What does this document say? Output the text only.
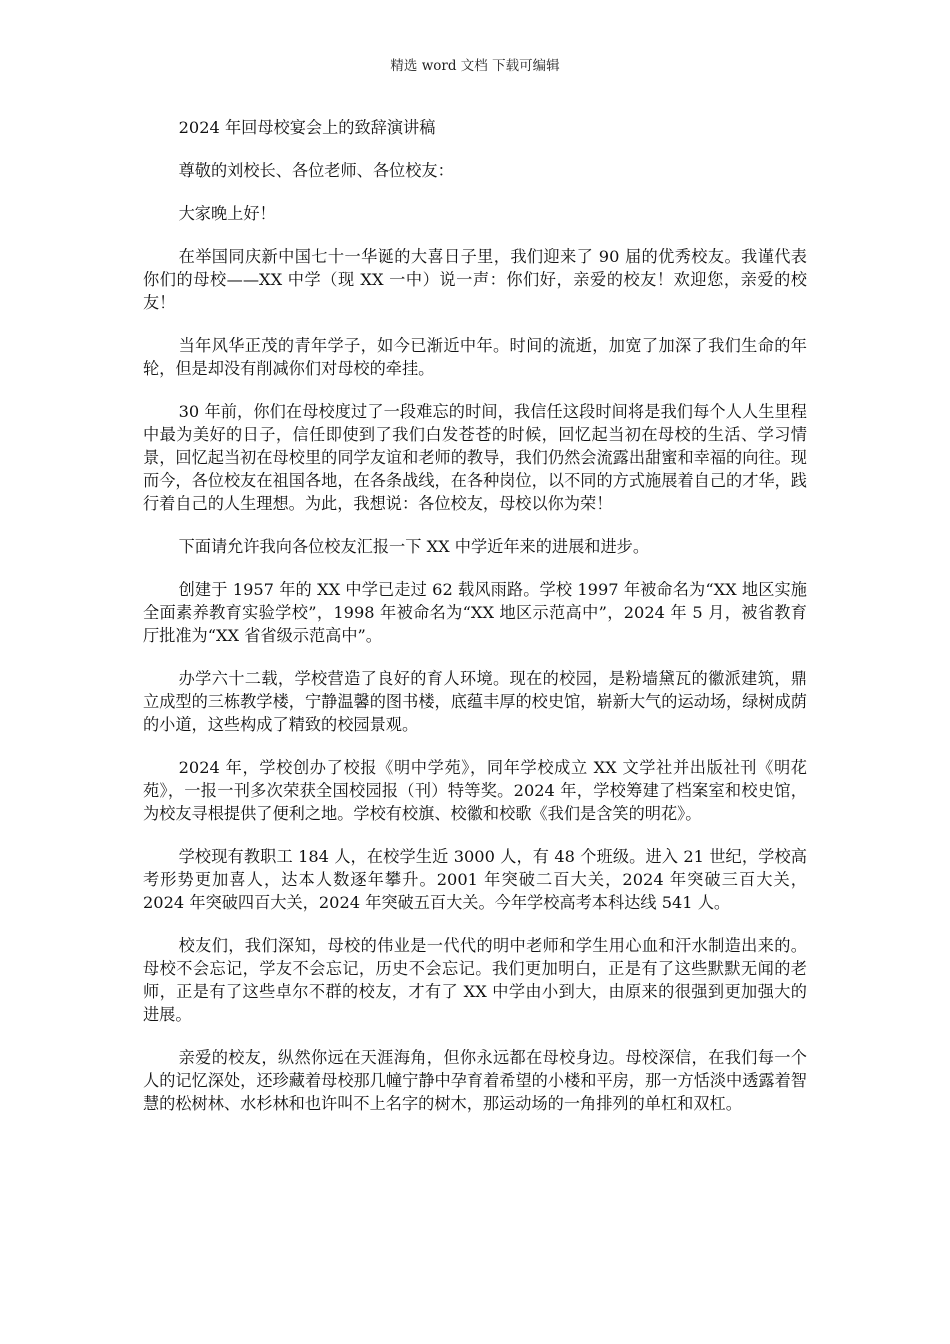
精选 word 文档 下载可编辑

2024 年回母校宴会上的致辞演讲稿

尊敬的刘校长、各位老师、各位校友：

大家晚上好！

在举国同庆新中国七十一华诞的大喜日子里，我们迎来了 90 届的优秀校友。我谨代表你们的母校——XX 中学（现 XX 一中）说一声：你们好，亲爱的校友！欢迎您，亲爱的校友！

当年风华正茂的青年学子，如今已渐近中年。时间的流逝，加宽了加深了我们生命的年轮，但是却没有削减你们对母校的牵挂。

30 年前，你们在母校度过了一段难忘的时间，我信任这段时间将是我们每个人人生里程中最为美好的日子，信任即使到了我们白发苍苍的时候，回忆起当初在母校的生活、学习情景，回忆起当初在母校里的同学友谊和老师的教导，我们仍然会流露出甜蜜和幸福的向往。现而今，各位校友在祖国各地，在各条战线，在各种岗位，以不同的方式施展着自己的才华，践行着自己的人生理想。为此，我想说：各位校友，母校以你为荣！

下面请允许我向各位校友汇报一下 XX 中学近年来的进展和进步。

创建于 1957 年的 XX 中学已走过 62 载风雨路。学校 1997 年被命名为“XX 地区实施全面素养教育实验学校”，1998 年被命名为“XX 地区示范高中”，2024 年 5 月，被省教育厅批准为“XX 省省级示范高中”。

办学六十二载，学校营造了良好的育人环境。现在的校园，是粉墙黛瓦的徽派建筑，鼎立成型的三栋教学楼，宁静温馨的图书楼，底蕴丰厚的校史馆，崭新大气的运动场，绿树成荫的小道，这些构成了精致的校园景观。

2024 年，学校创办了校报《明中学苑》，同年学校成立 XX 文学社并出版社刊《明花苑》，一报一刊多次荣获全国校园报（刊）特等奖。2024 年，学校筹建了档案室和校史馆，为校友寻根提供了便利之地。学校有校旗、校徽和校歌《我们是含笑的明花》。

学校现有教职工 184 人，在校学生近 3000 人，有 48 个班级。进入 21 世纪，学校高考形势更加喜人，达本人数逐年攀升。2001 年突破二百大关，2024 年突破三百大关，2024 年突破四百大关，2024 年突破五百大关。今年学校高考本科达线 541 人。

校友们，我们深知，母校的伟业是一代代的明中老师和学生用心血和汗水制造出来的。母校不会忘记，学友不会忘记，历史不会忘记。我们更加明白，正是有了这些默默无闻的老师，正是有了这些卓尔不群的校友，才有了 XX 中学由小到大，由原来的很强到更加强大的进展。

亲爱的校友，纵然你远在天涯海角，但你永远都在母校身边。母校深信，在我们每一个人的记忆深处，还珍藏着母校那几幢宁静中孕育着希望的小楼和平房，那一方恬淡中透露着智慧的松树林、水杉林和也许叫不上名字的树木，那运动场的一角排列的单杠和双杠。
